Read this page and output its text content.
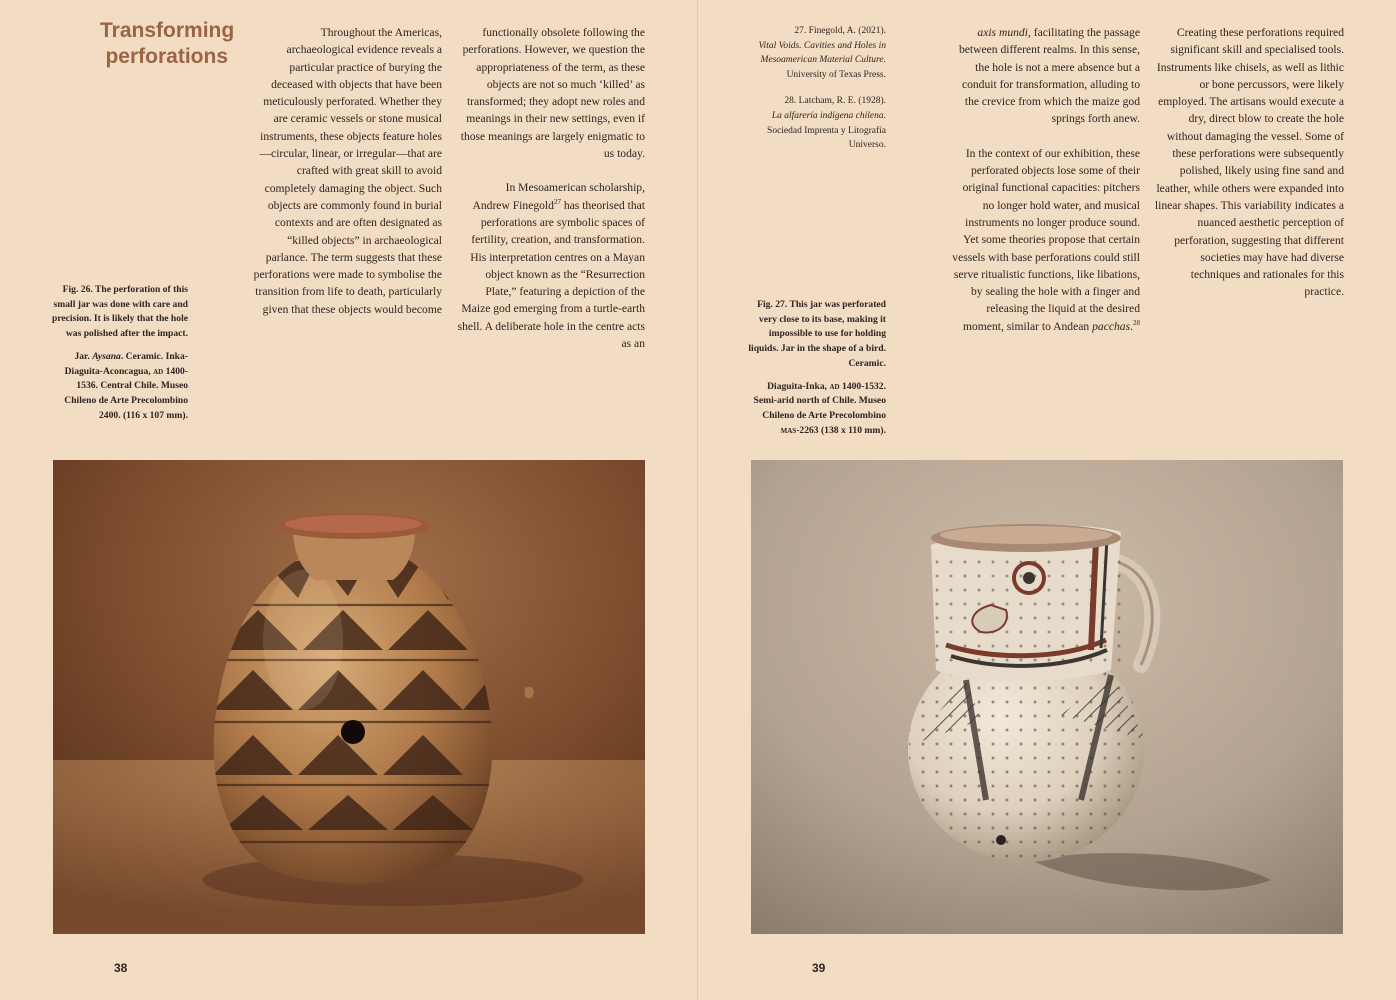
Transforming
perforations

Throughout the Americas, archaeological evidence reveals a particular practice of burying the deceased with objects that have been meticulously perforated. Whether they are ceramic vessels or stone musical instruments, these objects feature holes—circular, linear, or irregular—that are crafted with great skill to avoid completely damaging the object. Such objects are commonly found in burial contexts and are often designated as “killed objects” in archaeological parlance. The term suggests that these perforations were made to symbolise the transition from life to death, particularly given that these objects would become

functionally obsolete following the perforations. However, we question the appropriateness of the term, as these objects are not so much ‘killed’ as transformed; they adopt new roles and meanings in their new settings, even if those meanings are largely enigmatic to us today.

In Mesoamerican scholarship, Andrew Finegold$^{27}$ has theorised that perforations are symbolic spaces of fertility, creation, and transformation. His interpretation centres on a Mayan object known as the “Resurrection Plate,” featuring a depiction of the Maize god emerging from a turtle-earth shell. A deliberate hole in the centre acts as an

Fig. 26. The perforation of this small jar was done with care and precision. It is likely that the hole was polished after the impact.

Jar. Aysana. Ceramic. Inka-Diaguita-Aconcagua, ad 1400-1536. Central Chile. Museo Chileno de Arte Precolombino 2400. (116 x 107 mm).

38

27. Finegold, A. (2021).
Vital Voids. Cavities and Holes in Mesoamerican Material Culture.
University of Texas Press.

28. Latcham, R. E. (1928).
La alfarería indígena chilena.
Sociedad Imprenta y Litografía Universo.

Fig. 27. This jar was perforated very close to its base, making it impossible to use for holding liquids. Jar in the shape of a bird. Ceramic.

Diaguita-Inka, ad 1400-1532. Semi-arid north of Chile. Museo Chileno de Arte Precolombino mas-2263 (138 x 110 mm).

axis mundi, facilitating the passage between different realms. In this sense, the hole is not a mere absence but a conduit for transformation, alluding to the crevice from which the maize god springs forth anew.

In the context of our exhibition, these perforated objects lose some of their original functional capacities: pitchers no longer hold water, and musical instruments no longer produce sound. Yet some theories propose that certain vessels with base perforations could still serve ritualistic functions, like libations, by sealing the hole with a finger and releasing the liquid at the desired moment, similar to Andean pacchas.$^{28}$

Creating these perforations required significant skill and specialised tools. Instruments like chisels, as well as lithic or bone percussors, were likely employed. The artisans would execute a dry, direct blow to create the hole without damaging the vessel. Some of these perforations were subsequently polished, likely using fine sand and leather, while others were expanded into linear shapes. This variability indicates a nuanced aesthetic perception of perforation, suggesting that different societies may have had diverse techniques and rationales for this practice.

39
